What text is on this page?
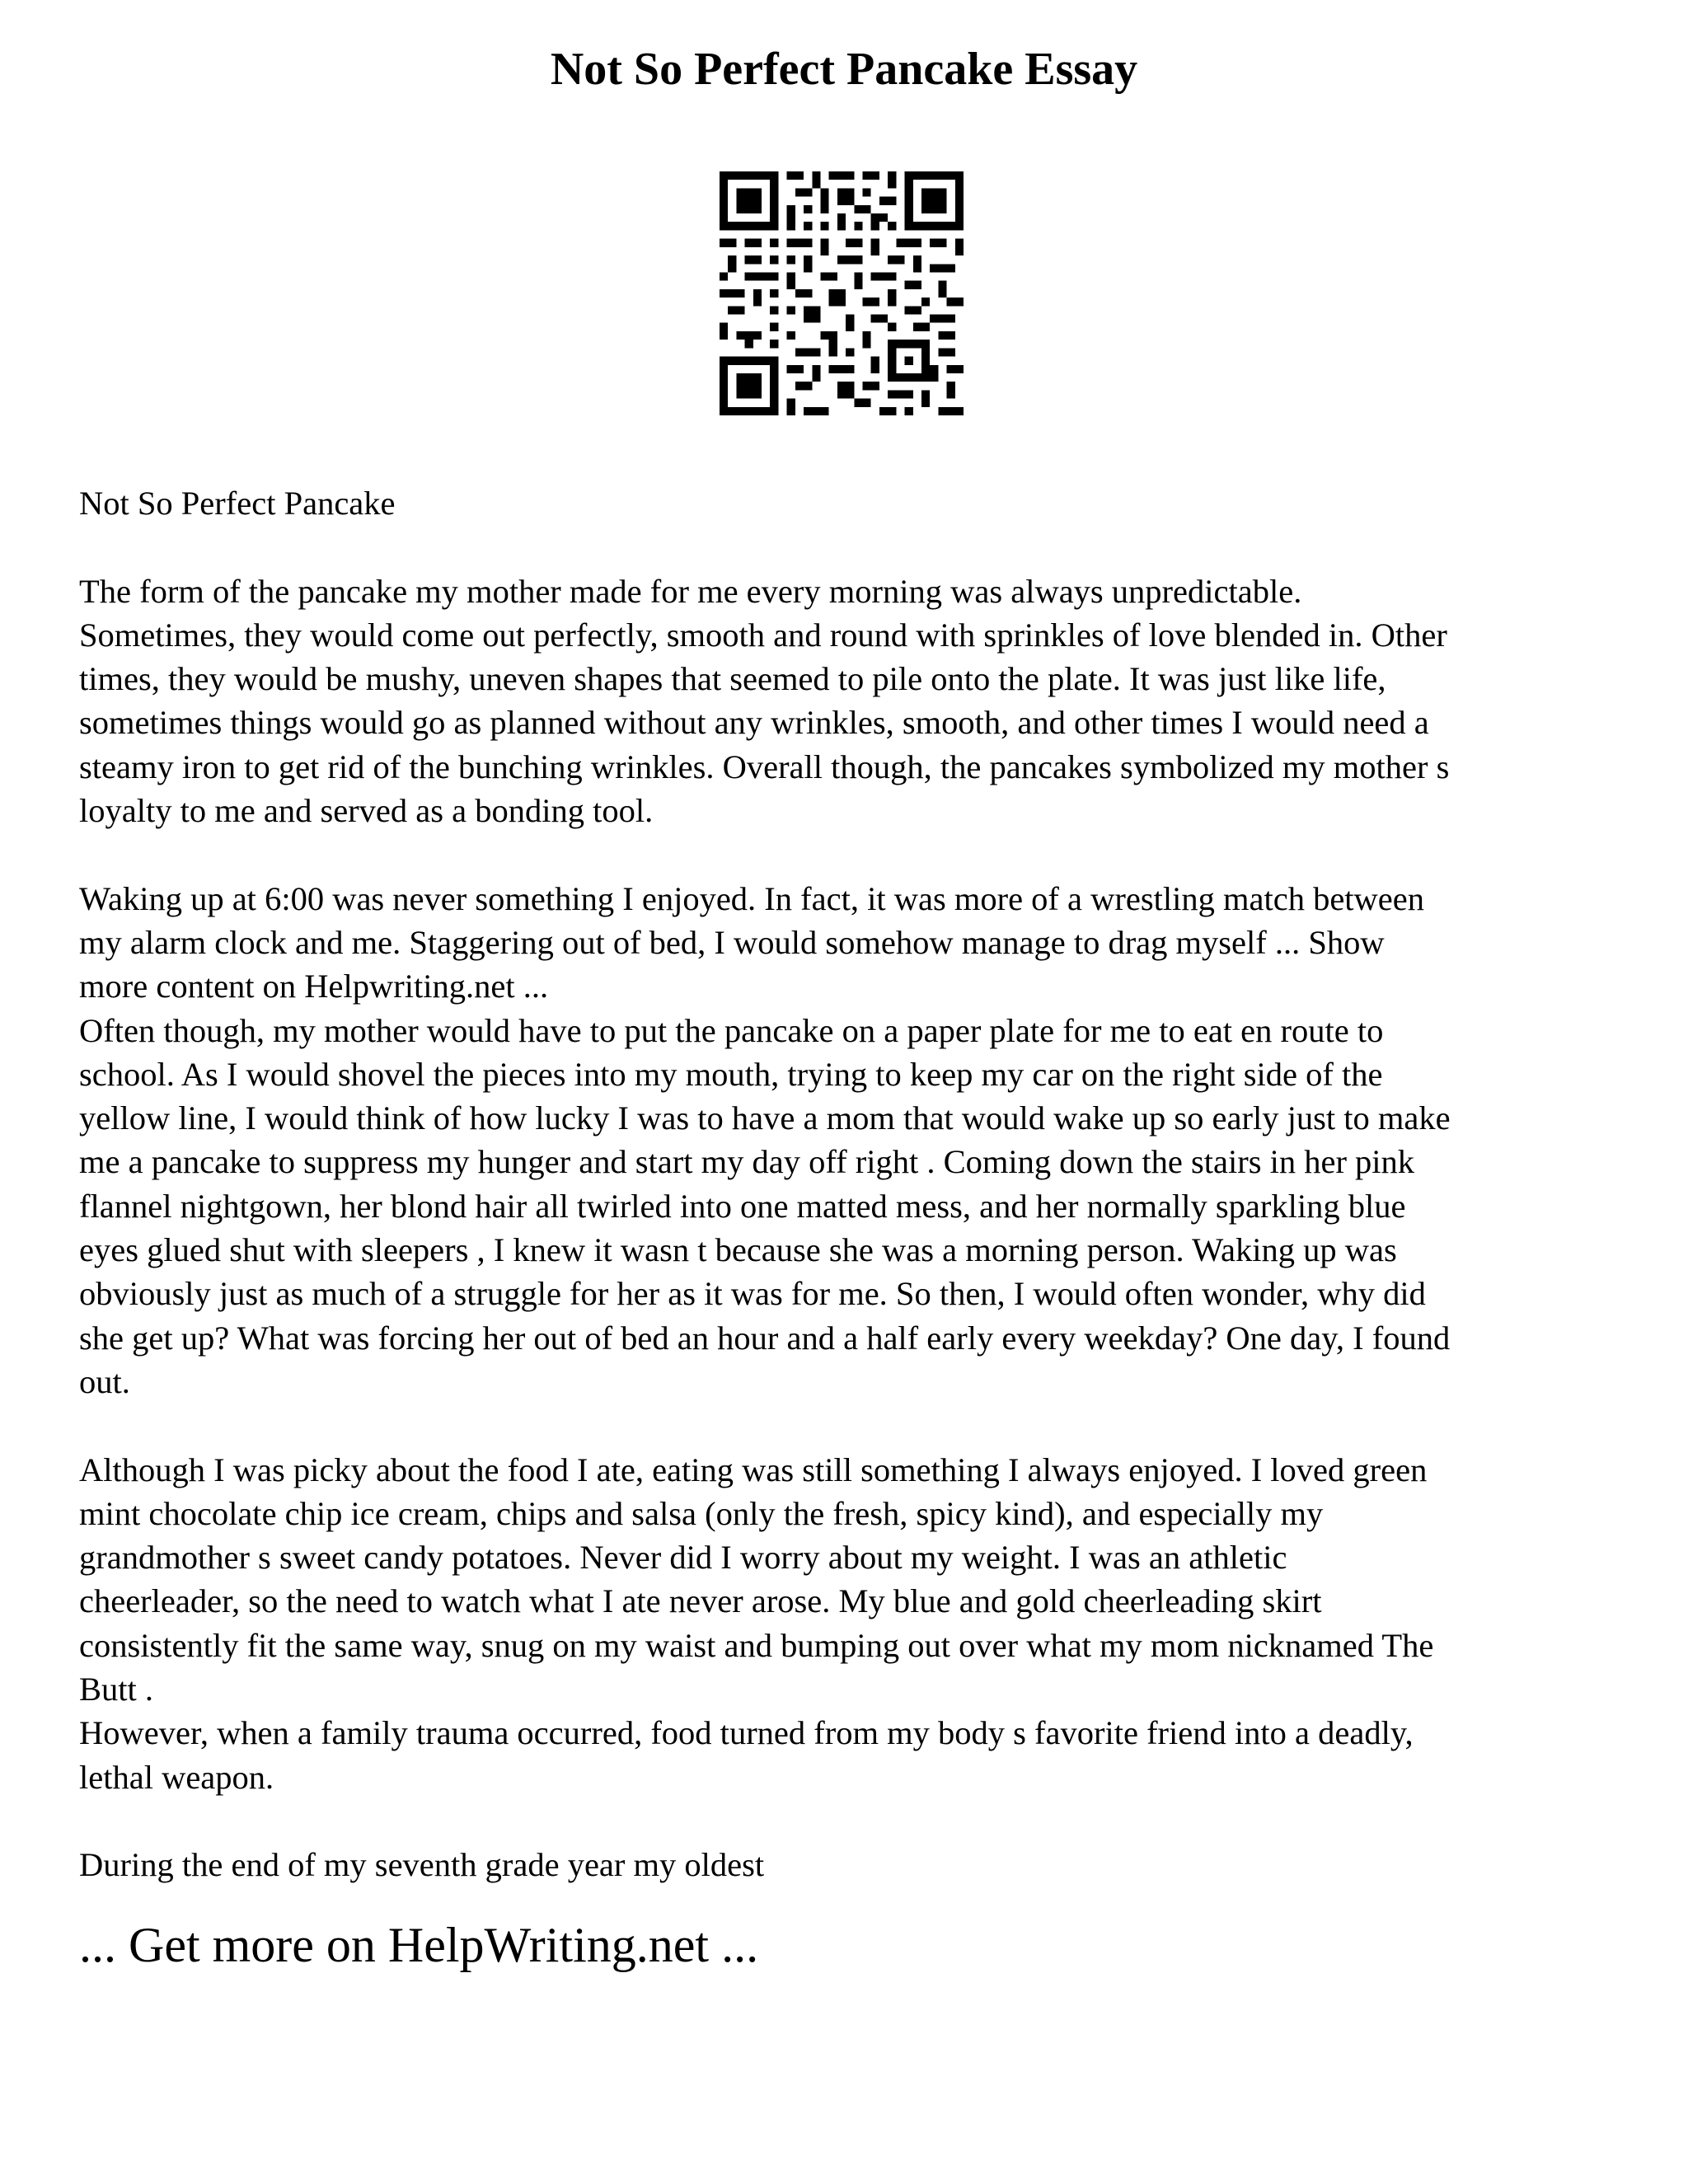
Not So Perfect Pancake Essay

Not So Perfect Pancake

The form of the pancake my mother made for me every morning was always unpredictable.
Sometimes, they would come out perfectly, smooth and round with sprinkles of love blended in. Other
times, they would be mushy, uneven shapes that seemed to pile onto the plate. It was just like life,
sometimes things would go as planned without any wrinkles, smooth, and other times I would need a
steamy iron to get rid of the bunching wrinkles. Overall though, the pancakes symbolized my mother s
loyalty to me and served as a bonding tool.

Waking up at 6:00 was never something I enjoyed. In fact, it was more of a wrestling match between
my alarm clock and me. Staggering out of bed, I would somehow manage to drag myself ... Show
more content on Helpwriting.net ...

Often though, my mother would have to put the pancake on a paper plate for me to eat en route to
school. As I would shovel the pieces into my mouth, trying to keep my car on the right side of the
yellow line, I would think of how lucky I was to have a mom that would wake up so early just to make
me a pancake to suppress my hunger and start my day off right . Coming down the stairs in her pink
flannel nightgown, her blond hair all twirled into one matted mess, and her normally sparkling blue
eyes glued shut with sleepers , I knew it wasn t because she was a morning person. Waking up was
obviously just as much of a struggle for her as it was for me. So then, I would often wonder, why did
she get up? What was forcing her out of bed an hour and a half early every weekday? One day, I found
out.

Although I was picky about the food I ate, eating was still something I always enjoyed. I loved green
mint chocolate chip ice cream, chips and salsa (only the fresh, spicy kind), and especially my
grandmother s sweet candy potatoes. Never did I worry about my weight. I was an athletic
cheerleader, so the need to watch what I ate never arose. My blue and gold cheerleading skirt
consistently fit the same way, snug on my waist and bumping out over what my mom nicknamed The
Butt .

However, when a family trauma occurred, food turned from my body s favorite friend into a deadly,
lethal weapon.

During the end of my seventh grade year my oldest

... Get more on HelpWriting.net ...
